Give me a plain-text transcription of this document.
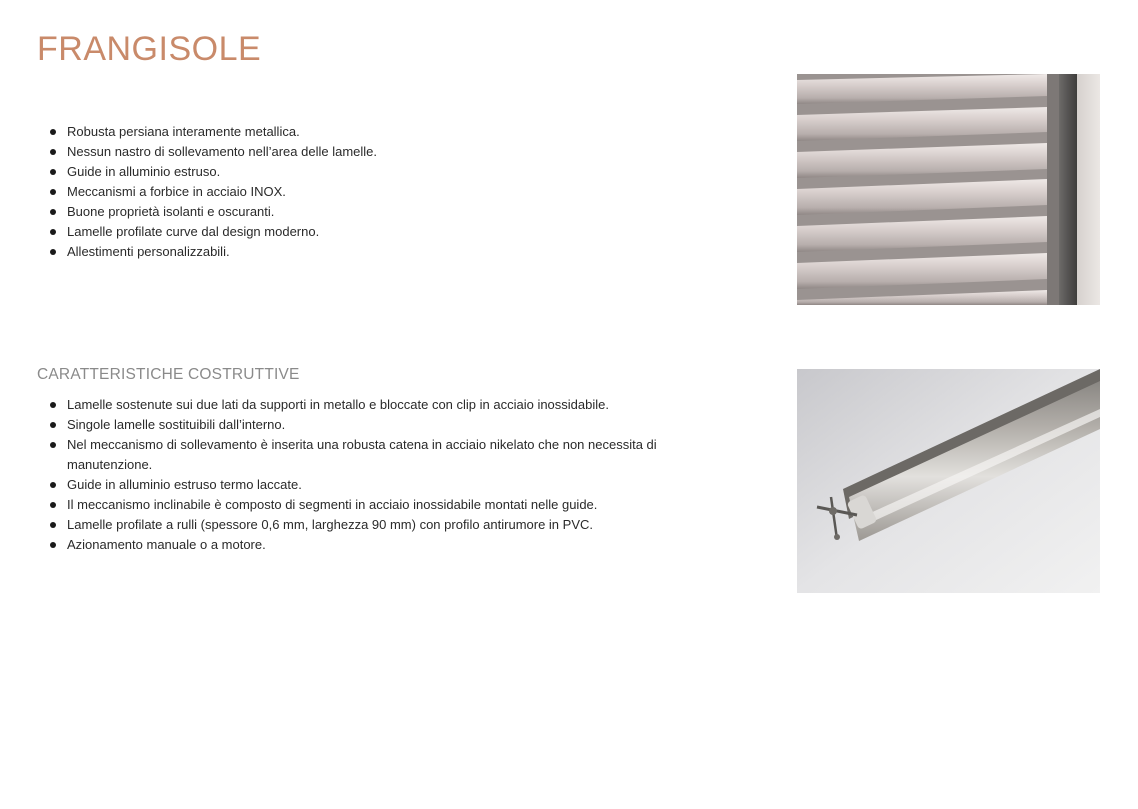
FRANGISOLE
Robusta persiana interamente metallica.
Nessun nastro di sollevamento nell’area delle lamelle.
Guide in alluminio estruso.
Meccanismi a forbice in acciaio INOX.
Buone proprietà isolanti e oscuranti.
Lamelle profilate curve dal design moderno.
Allestimenti personalizzabili.
CARATTERISTICHE COSTRUTTIVE
Lamelle sostenute sui due lati da supporti in metallo e bloccate con clip in acciaio inossidabile.
Singole lamelle sostituibili dall’interno.
Nel meccanismo di sollevamento è inserita una robusta catena in acciaio nikelato che non necessita di manutenzione.
Guide in alluminio estruso termo laccate.
Il meccanismo inclinabile è composto di segmenti in acciaio inossidabile montati nelle guide.
Lamelle profilate a rulli (spessore 0,6 mm, larghezza 90 mm) con profilo antirumore in PVC.
Azionamento manuale o a motore.
